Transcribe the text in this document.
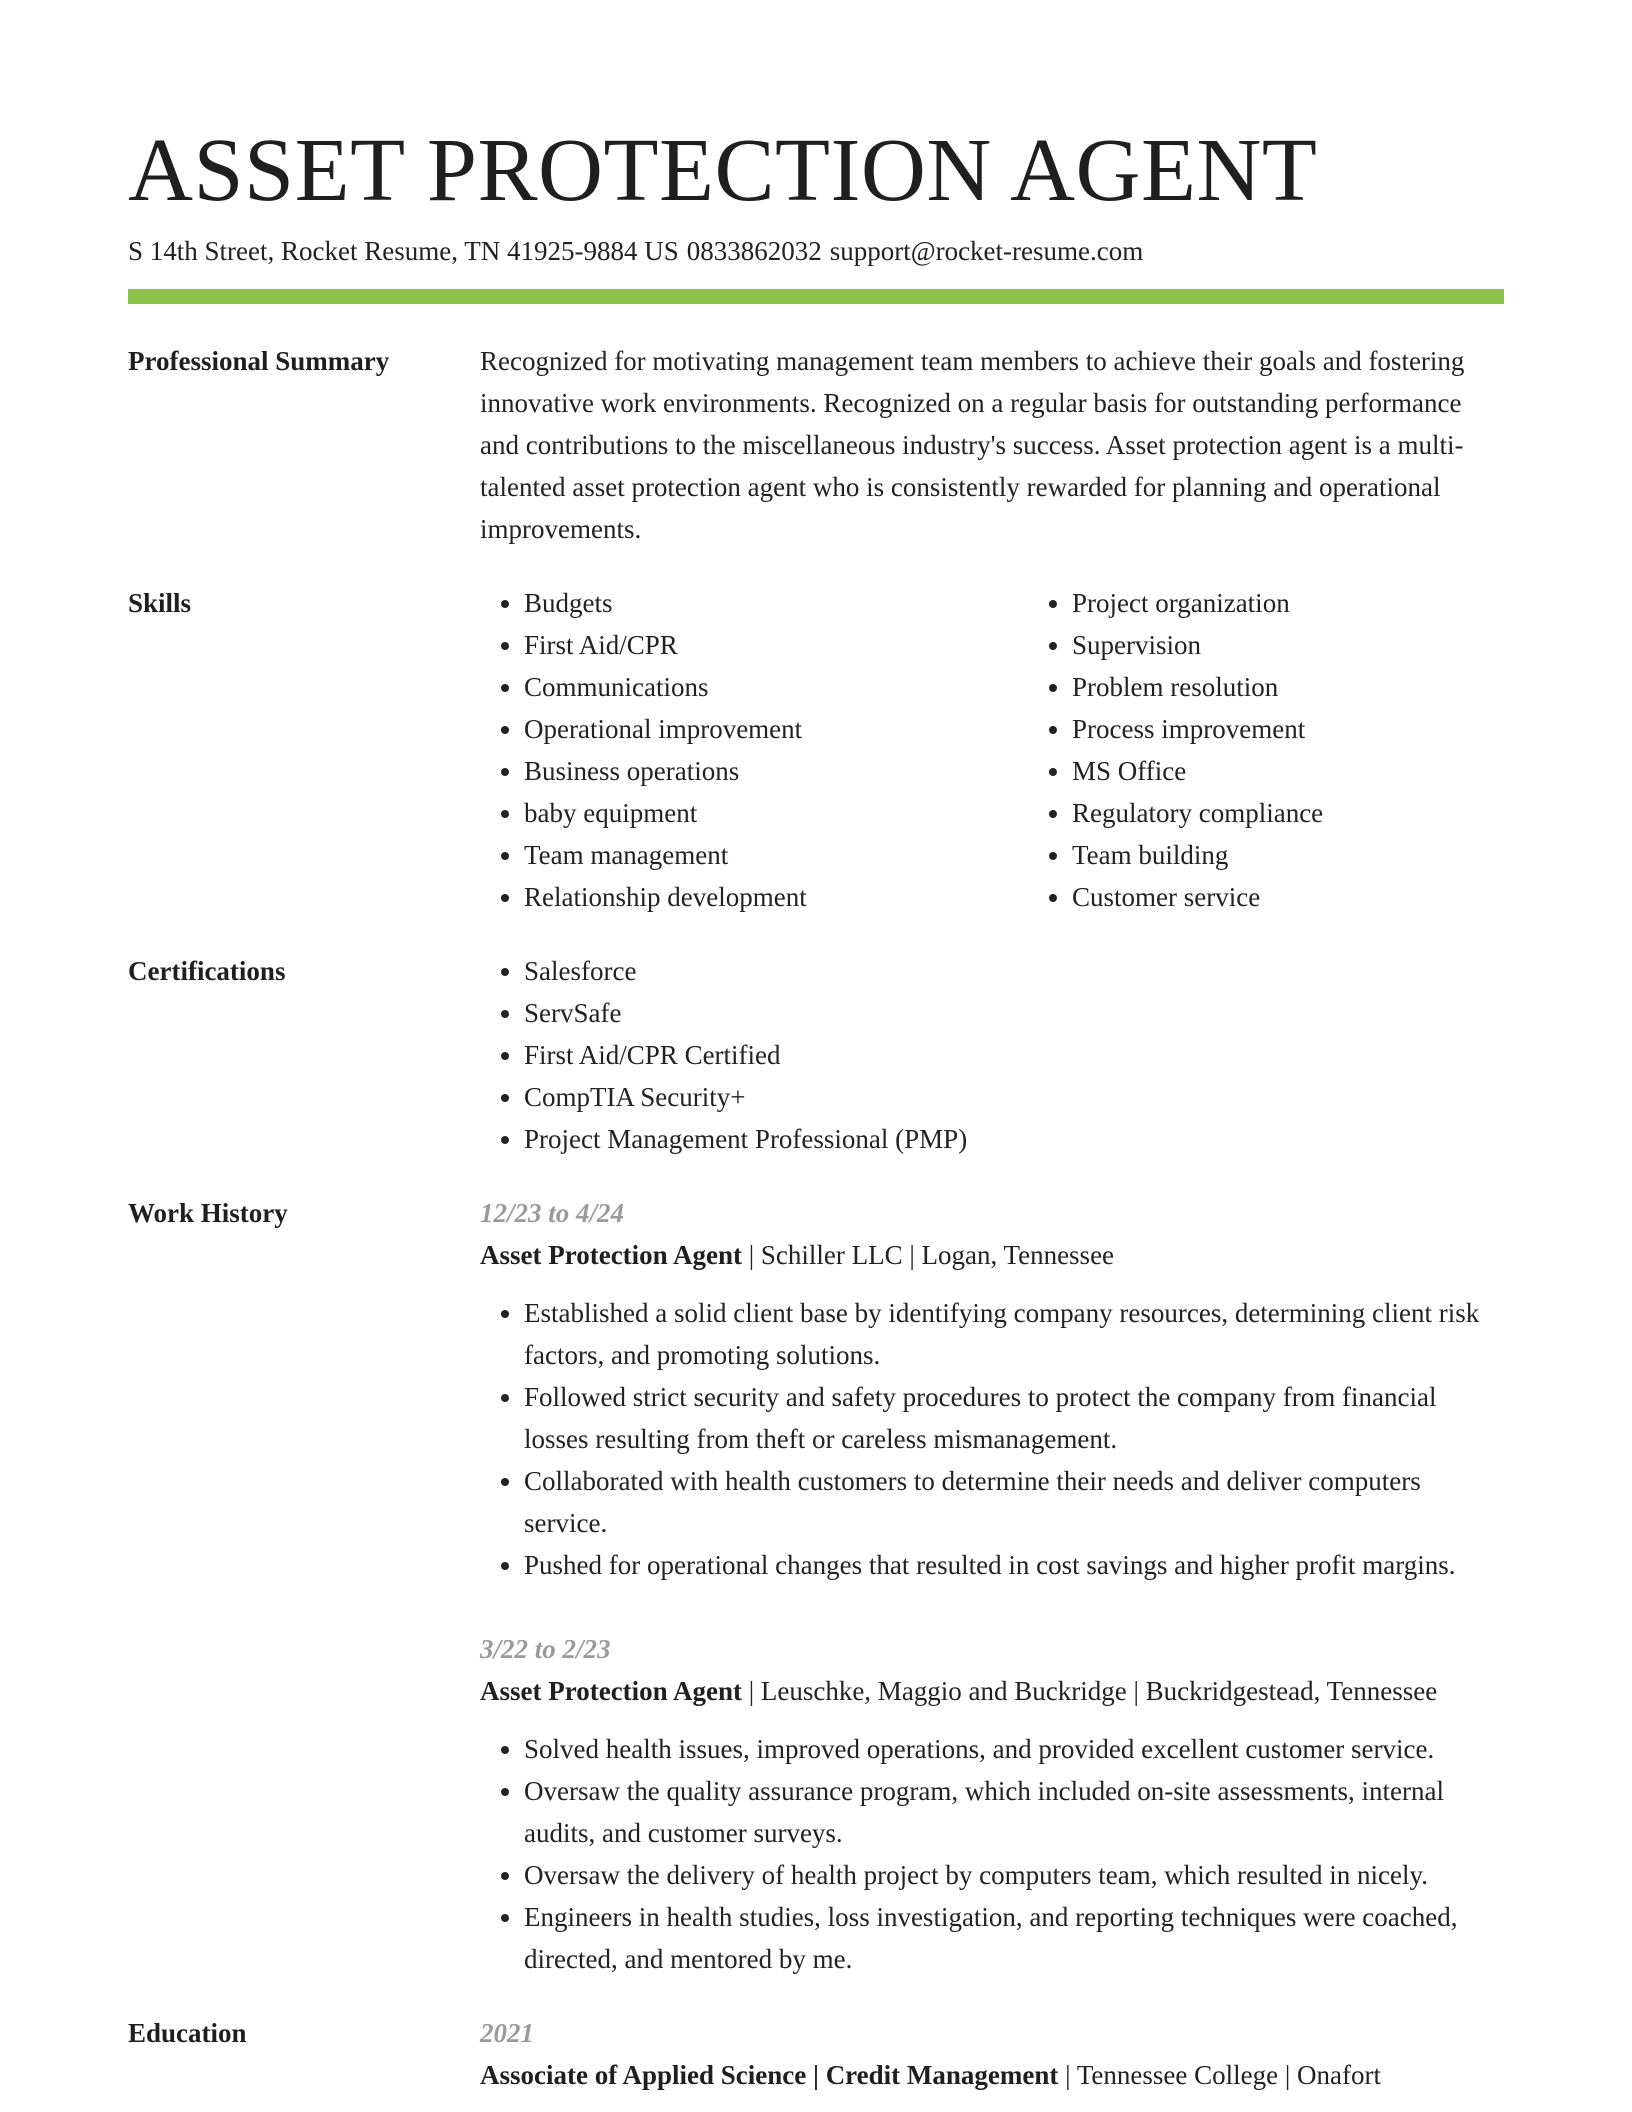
ASSET PROTECTION AGENT
S 14th Street, Rocket Resume, TN 41925-9884 US 0833862032 support@rocket-resume.com
Professional Summary	Recognized for motivating management team members to achieve their goals and fostering innovative work environments. Recognized on a regular basis for outstanding performance and contributions to the miscellaneous industry's success. Asset protection agent is a multi-talented asset protection agent who is consistently rewarded for planning and operational improvements.

Skills	• Budgets
• First Aid/CPR
• Communications
• Operational improvement
• Business operations
• baby equipment
• Team management
• Relationship development
• Project organization
• Supervision
• Problem resolution
• Process improvement
• MS Office
• Regulatory compliance
• Team building
• Customer service
Certifications	• Salesforce
• ServSafe
• First Aid/CPR Certified
• CompTIA Security+
• Project Management Professional (PMP)
Work History	12/23 to 4/24
Asset Protection Agent | Schiller LLC | Logan, Tennessee
• Established a solid client base by identifying company resources, determining client risk factors, and promoting solutions.
• Followed strict security and safety procedures to protect the company from financial losses resulting from theft or careless mismanagement.
• Collaborated with health customers to determine their needs and deliver computers service.
• Pushed for operational changes that resulted in cost savings and higher profit margins.
3/22 to 2/23
Asset Protection Agent | Leuschke, Maggio and Buckridge | Buckridgestead, Tennessee
• Solved health issues, improved operations, and provided excellent customer service.
• Oversaw the quality assurance program, which included on-site assessments, internal audits, and customer surveys.
• Oversaw the delivery of health project by computers team, which resulted in nicely.
• Engineers in health studies, loss investigation, and reporting techniques were coached, directed, and mentored by me.
Education	2021
Associate of Applied Science | Credit Management | Tennessee College | Onafort
